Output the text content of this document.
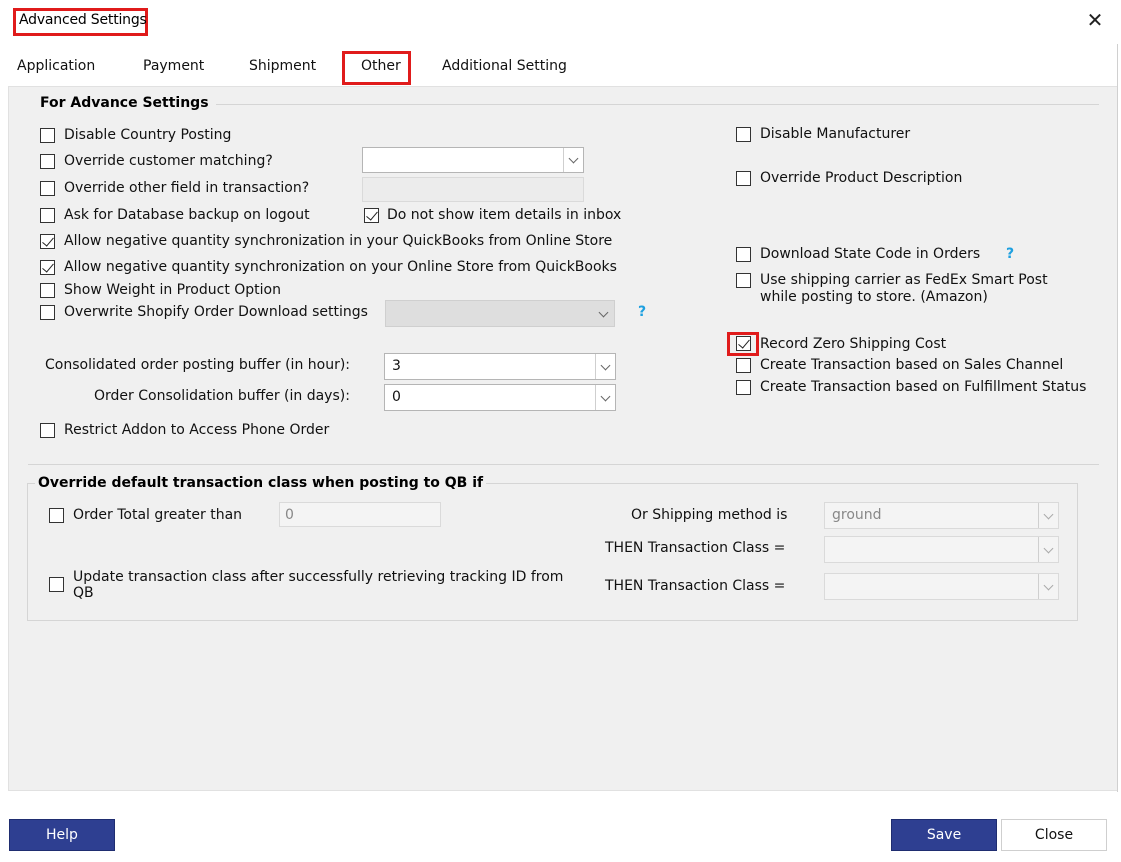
Advanced Settings	✕
Application	Payment	Shipment	Other	Additional Setting
For Advance Settings
Disable Country Posting
Override customer matching?
Override other field in transaction?
Ask for Database backup on logout	Do not show item details in inbox
Allow negative quantity synchronization in your QuickBooks from Online Store
Allow negative quantity synchronization on your Online Store from QuickBooks
Show Weight in Product Option
Overwrite Shopify Order Download settings	?
Consolidated order posting buffer (in hour):	3
Order Consolidation buffer (in days):	0
Restrict Addon to Access Phone Order
Disable Manufacturer
Override Product Description
Download State Code in Orders ?
Use shipping carrier as FedEx Smart Post
while posting to store. (Amazon)
Record Zero Shipping Cost
Create Transaction based on Sales Channel
Create Transaction based on Fulfillment Status
Override default transaction class when posting to QB if
Order Total greater than	0
Update transaction class after successfully retrieving tracking ID from
QB
Or Shipping method is	ground
THEN Transaction Class =
THEN Transaction Class =
Help	Save	Close
